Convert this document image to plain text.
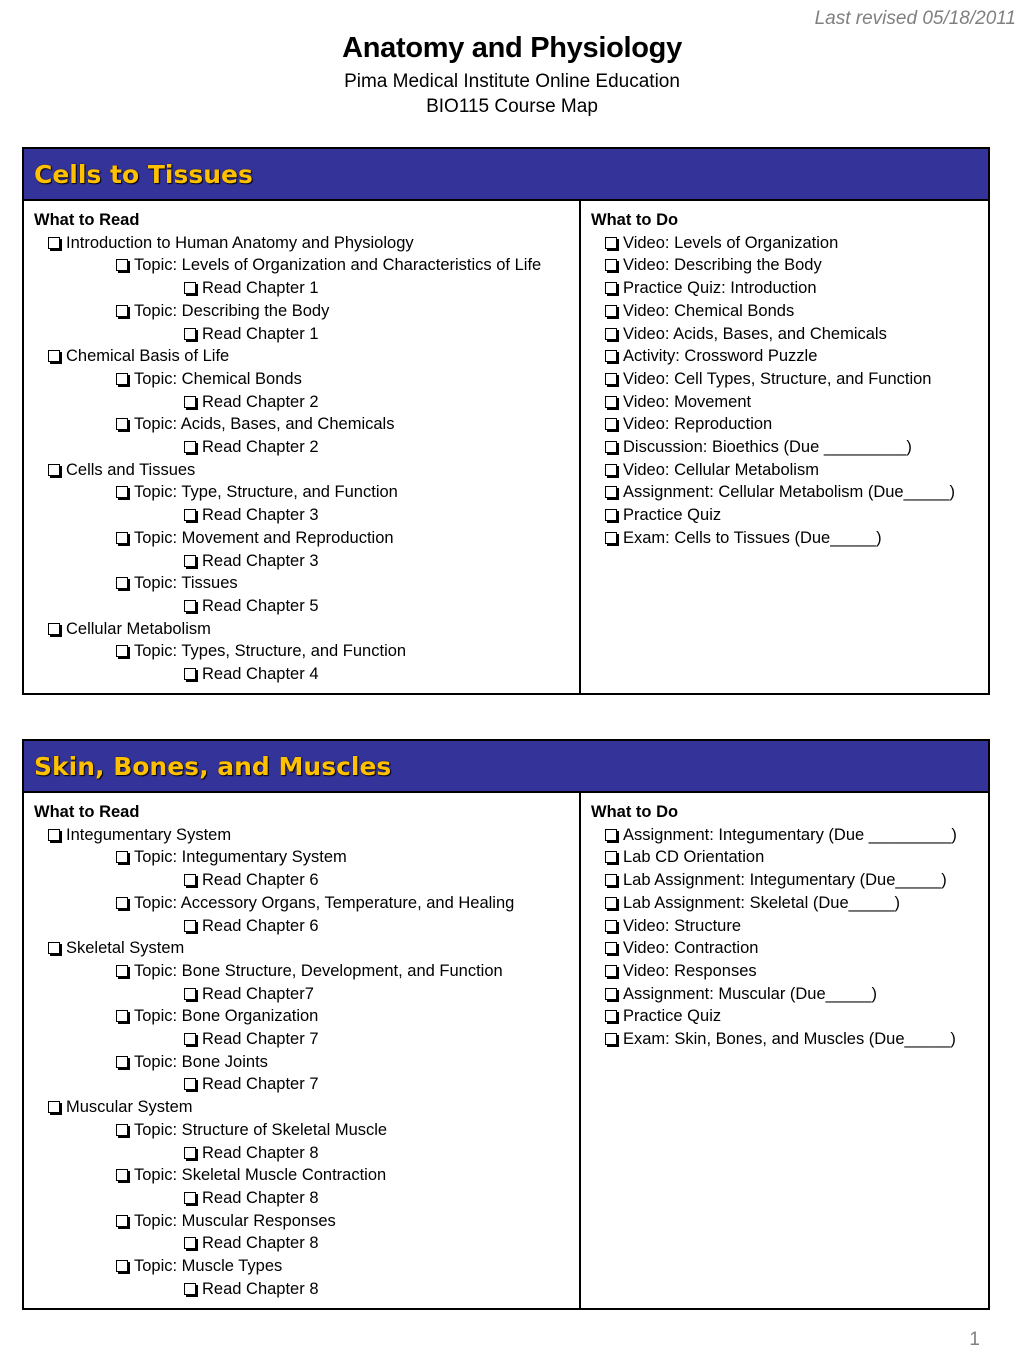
Last revised 05/18/2011
Anatomy and Physiology
Pima Medical Institute Online Education
BIO115 Course Map
Cells to Tissues
What to Read
Introduction to Human Anatomy and Physiology
Topic: Levels of Organization and Characteristics of Life
Read Chapter 1
Topic: Describing the Body
Read Chapter 1
Chemical Basis of Life
Topic: Chemical Bonds
Read Chapter 2
Topic: Acids, Bases, and Chemicals
Read Chapter 2
Cells and Tissues
Topic: Type, Structure, and Function
Read Chapter 3
Topic: Movement and Reproduction
Read Chapter 3
Topic: Tissues
Read Chapter 5
Cellular Metabolism
Topic: Types, Structure, and Function
Read Chapter 4
What to Do
Video: Levels of Organization
Video: Describing the Body
Practice Quiz: Introduction
Video: Chemical Bonds
Video: Acids, Bases, and Chemicals
Activity: Crossword Puzzle
Video: Cell Types, Structure, and Function
Video: Movement
Video: Reproduction
Discussion: Bioethics (Due _________)
Video: Cellular Metabolism
Assignment: Cellular Metabolism (Due_____)
Practice Quiz
Exam: Cells to Tissues (Due_____)
Skin, Bones, and Muscles
What to Read
Integumentary System
Topic: Integumentary System
Read Chapter 6
Topic: Accessory Organs, Temperature, and Healing
Read Chapter 6
Skeletal System
Topic: Bone Structure, Development, and Function
Read Chapter7
Topic: Bone Organization
Read Chapter 7
Topic: Bone Joints
Read Chapter 7
Muscular System
Topic: Structure of Skeletal Muscle
Read Chapter 8
Topic: Skeletal Muscle Contraction
Read Chapter 8
Topic: Muscular Responses
Read Chapter 8
Topic: Muscle Types
Read Chapter 8
What to Do
Assignment: Integumentary (Due _________)
Lab CD Orientation
Lab Assignment: Integumentary (Due_____)
Lab Assignment: Skeletal (Due_____)
Video: Structure
Video: Contraction
Video: Responses
Assignment: Muscular (Due_____)
Practice Quiz
Exam: Skin, Bones, and Muscles (Due_____)
1
